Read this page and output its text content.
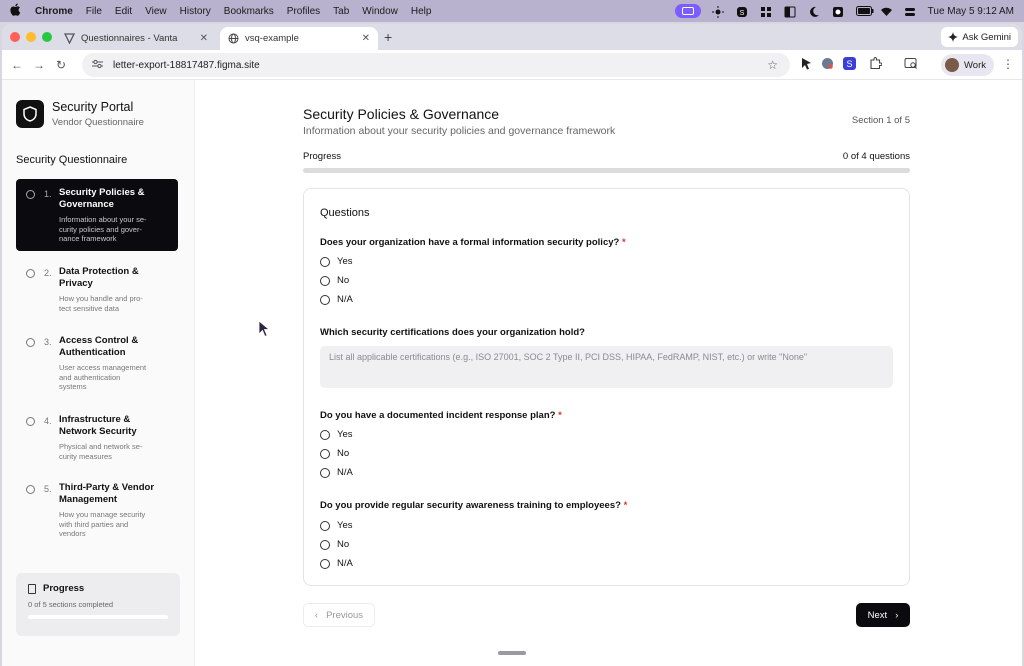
Chrome File Edit View History Bookmarks Profiles Tab Window Help	S	Tue May 5 9:12 AM
Questionnaires - Vanta	✕	vsq-example	✕ +	Ask Gemini
← → ↻	letter-export-18817487.figma.site	☆	S	Work ⋮
Security Portal
Vendor Questionnaire
Security Questionnaire
1. Security Policies &
Governance
Information about your se-
curity policies and gover-
nance framework
2. Data Protection &
Privacy
How you handle and pro-
tect sensitive data
3. Access Control &
Authentication
User access management
and authentication
systems
4. Infrastructure &
Network Security
Physical and network se-
curity measures
5. Third-Party & Vendor
Management
How you manage security
with third parties and
vendors
Progress
0 of 5 sections completed
Security Policies & Governance
Information about your security policies and governance framework
Section 1 of 5
Progress	0 of 4 questions
Questions
Does your organization have a formal information security policy? *
Yes
No
N/A
Which security certifications does your organization hold?
List all applicable certifications (e.g., ISO 27001, SOC 2 Type II, PCI DSS, HIPAA, FedRAMP, NIST, etc.) or write "None"
Do you have a documented incident response plan? *
Yes
No
N/A
Do you provide regular security awareness training to employees? *
Yes
No
N/A
‹ Previous	Next ›
